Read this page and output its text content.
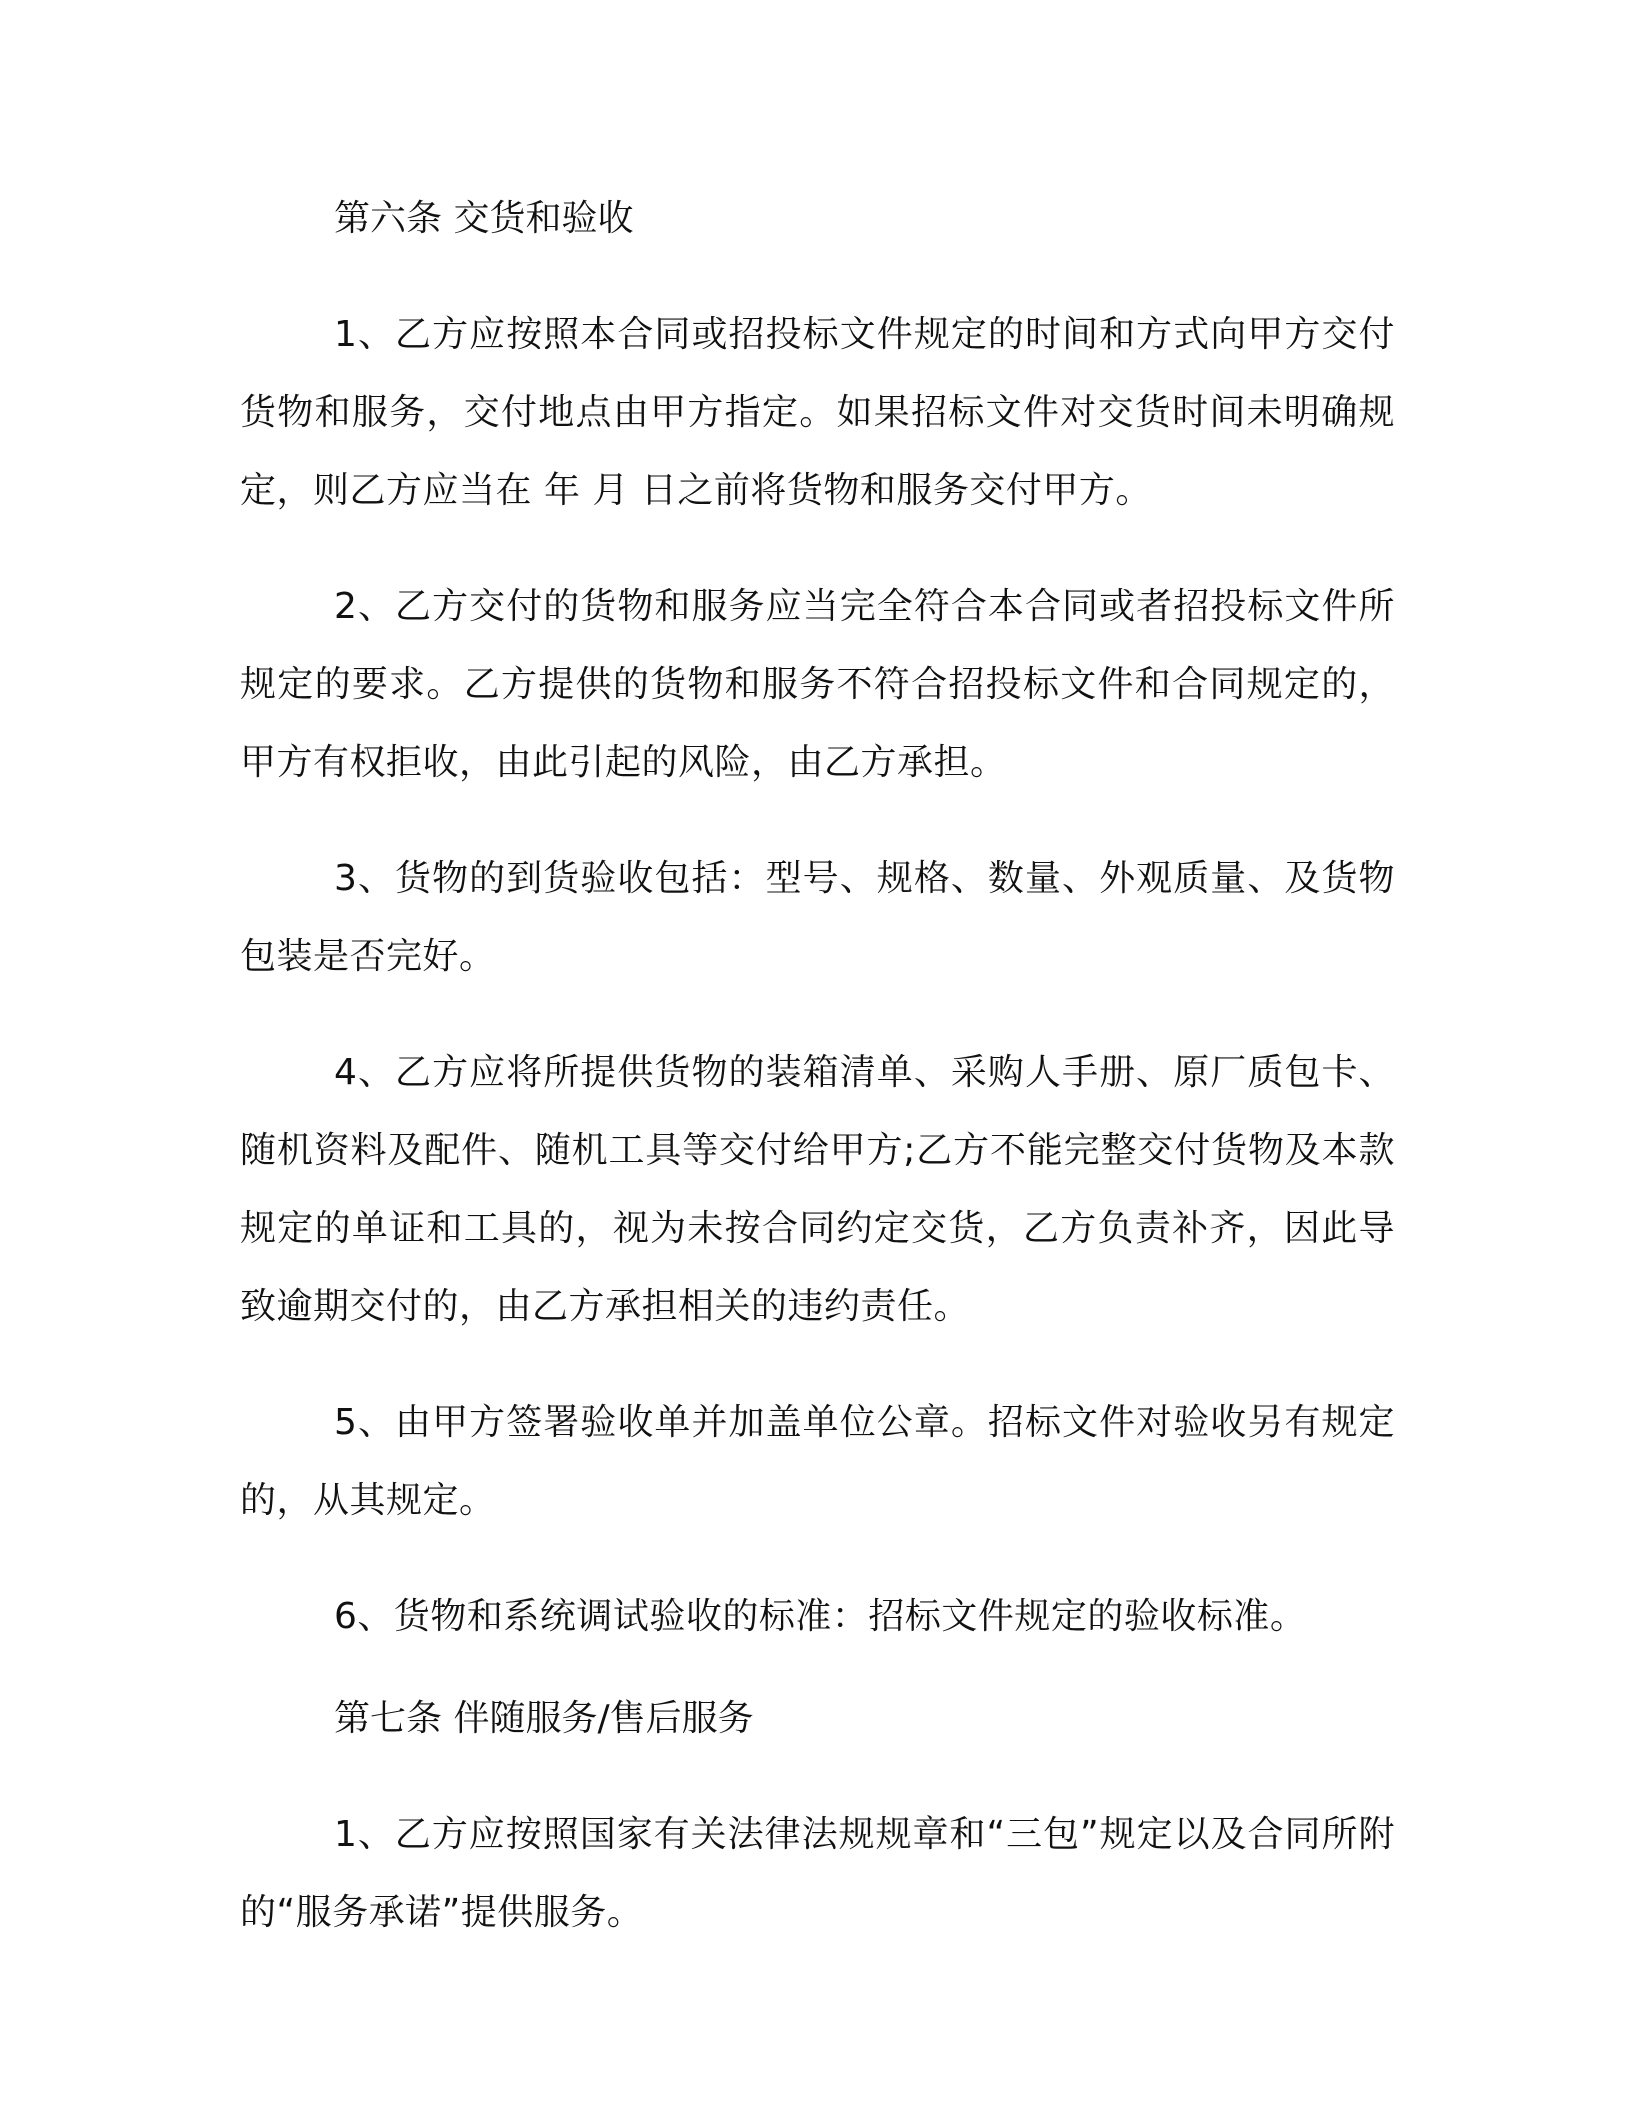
第六条 交货和验收

1、乙方应按照本合同或招投标文件规定的时间和方式向甲方交付货物和服务，交付地点由甲方指定。如果招标文件对交货时间未明确规定，则乙方应当在 年 月 日之前将货物和服务交付甲方。

2、乙方交付的货物和服务应当完全符合本合同或者招投标文件所规定的要求。乙方提供的货物和服务不符合招投标文件和合同规定的，甲方有权拒收，由此引起的风险，由乙方承担。

3、货物的到货验收包括：型号、规格、数量、外观质量、及货物包装是否完好。

4、乙方应将所提供货物的装箱清单、采购人手册、原厂质包卡、随机资料及配件、随机工具等交付给甲方;乙方不能完整交付货物及本款规定的单证和工具的，视为未按合同约定交货，乙方负责补齐，因此导致逾期交付的，由乙方承担相关的违约责任。

5、由甲方签署验收单并加盖单位公章。招标文件对验收另有规定的，从其规定。

6、货物和系统调试验收的标准：招标文件规定的验收标准。

第七条 伴随服务/售后服务

1、乙方应按照国家有关法律法规规章和“三包”规定以及合同所附的“服务承诺”提供服务。
